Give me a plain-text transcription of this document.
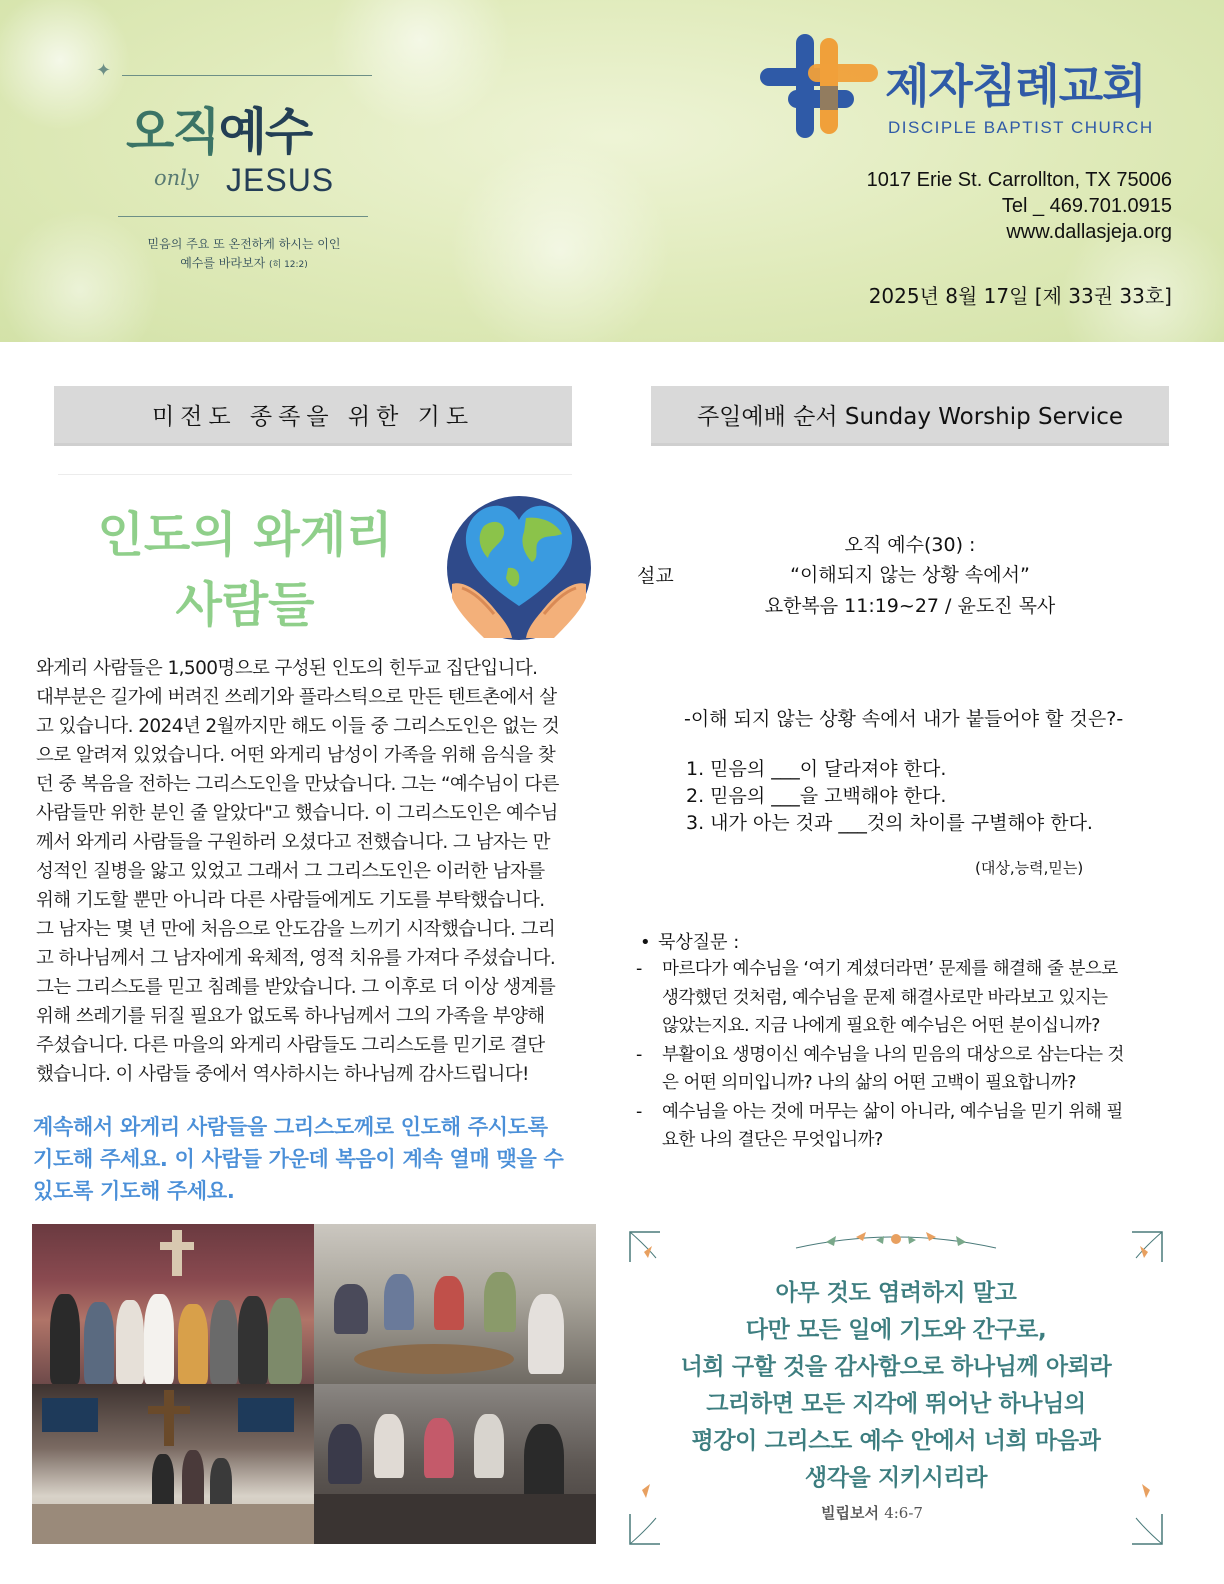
✦
오직예수
only JESUS
믿음의 주요 또 온전하게 하시는 이인
예수를 바라보자 (히 12:2)
제자침례교회
DISCIPLE BAPTIST CHURCH
1017 Erie St. Carrollton, TX 75006
Tel _ 469.701.0915
www.dallasjeja.org
2025년 8월 17일 [제 33권 33호]
미전도 종족을 위한 기도	주일예배 순서 Sunday Worship Service
인도의 와게리
사람들

와게리 사람들은 1,500명으로 구성된 인도의 힌두교 집단입니다.

대부분은 길가에 버려진 쓰레기와 플라스틱으로 만든 텐트촌에서 살

고 있습니다. 2024년 2월까지만 해도 이들 중 그리스도인은 없는 것

으로 알려져 있었습니다. 어떤 와게리 남성이 가족을 위해 음식을 찾

던 중 복음을 전하는 그리스도인을 만났습니다. 그는 “예수님이 다른

사람들만 위한 분인 줄 알았다"고 했습니다. 이 그리스도인은 예수님

께서 와게리 사람들을 구원하러 오셨다고 전했습니다. 그 남자는 만

성적인 질병을 앓고 있었고 그래서 그 그리스도인은 이러한 남자를

위해 기도할 뿐만 아니라 다른 사람들에게도 기도를 부탁했습니다.

그 남자는 몇 년 만에 처음으로 안도감을 느끼기 시작했습니다. 그리

고 하나님께서 그 남자에게 육체적, 영적 치유를 가져다 주셨습니다.

그는 그리스도를 믿고 침례를 받았습니다. 그 이후로 더 이상 생계를

위해 쓰레기를 뒤질 필요가 없도록 하나님께서 그의 가족을 부양해

주셨습니다. 다른 마을의 와게리 사람들도 그리스도를 믿기로 결단

했습니다. 이 사람들 중에서 역사하시는 하나님께 감사드립니다!

계속해서 와게리 사람들을 그리스도께로 인도해 주시도록

기도해 주세요. 이 사람들 가운데 복음이 계속 열매 맺을 수

있도록 기도해 주세요.

설교
오직 예수(30) :
“이해되지 않는 상황 속에서”
요한복음 11:19~27 / 윤도진 목사
-이해 되지 않는 상황 속에서 내가 붙들어야 할 것은?-
1. 믿음의 ___이 달라져야 한다.
2. 믿음의 ___을 고백해야 한다.
3. 내가 아는 것과 ___것의 차이를 구별해야 한다.
(대상,능력,믿는)
• 묵상질문 :
- 마르다가 예수님을 ‘여기 계셨더라면’ 문제를 해결해 줄 분으로

생각했던 것처럼, 예수님을 문제 해결사로만 바라보고 있지는

않았는지요. 지금 나에게 필요한 예수님은 어떤 분이십니까?

- 부활이요 생명이신 예수님을 나의 믿음의 대상으로 삼는다는 것

은 어떤 의미입니까? 나의 삶의 어떤 고백이 필요합니까?

- 예수님을 아는 것에 머무는 삶이 아니라, 예수님을 믿기 위해 필

요한 나의 결단은 무엇입니까?

아무 것도 염려하지 말고
다만 모든 일에 기도와 간구로,
너희 구할 것을 감사함으로 하나님께 아뢰라
그리하면 모든 지각에 뛰어난 하나님의
평강이 그리스도 예수 안에서 너희 마음과
생각을 지키시리라
빌립보서 4:6-7
